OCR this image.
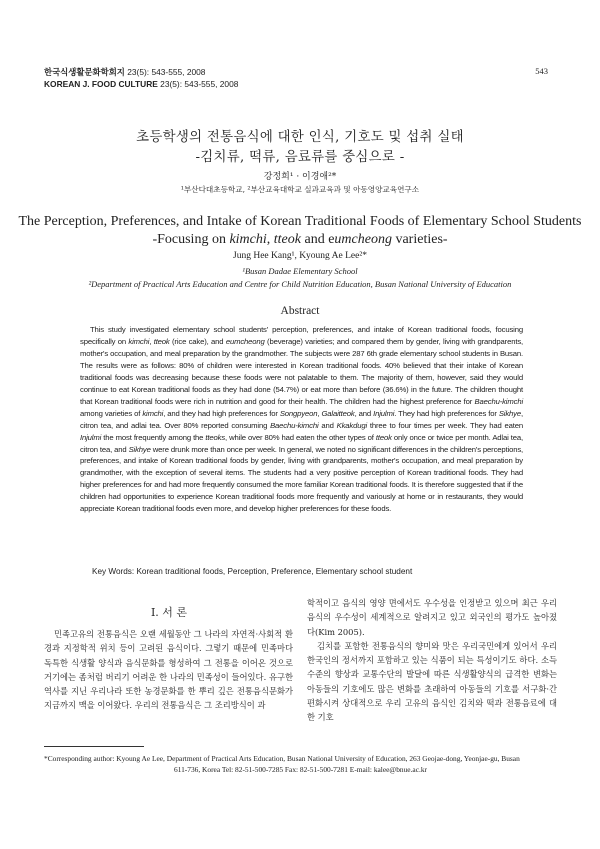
한국식생활문화학회지 23(5): 543-555, 2008
KOREAN J. FOOD CULTURE 23(5): 543-555, 2008
543
초등학생의 전통음식에 대한 인식, 기호도 및 섭취 실태
-김치류, 떡류, 음료류를 중심으로 -
강정희¹ · 이경애²*
¹부산다대초등학교, ²부산교육대학교 실과교육과 및 아동영양교육연구소
The Perception, Preferences, and Intake of Korean Traditional Foods of Elementary School Students
-Focusing on kimchi, tteok and eumcheong varieties-
Jung Hee Kang¹, Kyoung Ae Lee²*
¹Busan Dadae Elementary School
²Department of Practical Arts Education and Centre for Child Nutrition Education, Busan National University of Education
Abstract

This study investigated elementary school students' perception, preferences, and intake of Korean traditional foods, focusing specifically on kimchi, tteok (rice cake), and eumcheong (beverage) varieties; and compared them by gender, living with grandparents, mother's occupation, and meal preparation by the grandmother. The subjects were 287 6th grade elementary school students in Busan. The results were as follows: 80% of children were interested in Korean traditional foods. 40% believed that their intake of Korean traditional foods was decreasing because these foods were not palatable to them. The majority of them, however, said they would continue to eat Korean traditional foods as they had done (54.7%) or eat more than before (36.6%) in the future. The children thought that Korean traditional foods were rich in nutrition and good for their health. The children had the highest preference for Baechu-kimchi among varieties of kimchi, and they had high preferences for Songpyeon, Galaitteok, and Injulmi. They had high preferences for Sikhye, citron tea, and adlai tea. Over 80% reported consuming Baechu-kimchi and Kkakdugi three to four times per week. They had eaten Injulmi the most frequently among the tteoks, while over 80% had eaten the other types of tteok only once or twice per month. Adlai tea, citron tea, and Sikhye were drunk more than once per week. In general, we noted no significant differences in the children's perceptions, preferences, and intake of Korean traditional foods by gender, living with grandparents, mother's occupation, and meal preparation by grandmother, with the exception of several items. The students had a very positive perception of Korean traditional foods. They had higher preferences for and had more frequently consumed the more familiar Korean traditional foods. It is therefore suggested that if the children had opportunities to experience Korean traditional foods more frequently and variously at home or in restaurants, they would appreciate Korean traditional foods even more, and develop higher preferences for these foods.

Key Words: Korean traditional foods, Perception, Preference, Elementary school student
Ⅰ. 서 론

민족고유의 전통음식은 오랜 세월동안 그 나라의 자연적·사회적 환경과 지정학적 위치 등이 고려된 음식이다. 그렇기 때문에 민족마다 독특한 식생활 양식과 음식문화를 형성하여 그 전통을 이어온 것으로 거기에는 좀처럼 버리기 어려운 한 나라의 민족성이 들어있다. 유구한 역사를 지닌 우리나라 또한 농경문화를 한 뿌리 깊은 전통음식문화가 지금까지 맥을 이어왔다. 우리의 전통음식은 그 조리방식이 과

학적이고 음식의 영양 면에서도 우수성을 인정받고 있으며 최근 우리음식의 우수성이 세계적으로 알려지고 있고 외국인의 평가도 높아졌다(Kim 2005).

김치를 포함한 전통음식의 향미와 맛은 우리국민에게 있어서 우리 한국인의 정서까지 포함하고 있는 식품이 되는 특성이기도 하다. 소득수준의 향상과 교통수단의 발달에 따른 식생활양식의 급격한 변화는 아동들의 기호에도 많은 변화를 초래하여 아동들의 기호를 서구화·간편화시켜 상대적으로 우리 고유의 음식인 김치와 떡과 전통음료에 대한 기호

*Corresponding author: Kyoung Ae Lee, Department of Practical Arts Education, Busan National University of Education, 263 Geojae-dong, Yeonjae-gu, Busan
611-736, Korea Tel: 82-51-500-7285 Fax: 82-51-500-7281 E-mail: kalee@bnue.ac.kr
